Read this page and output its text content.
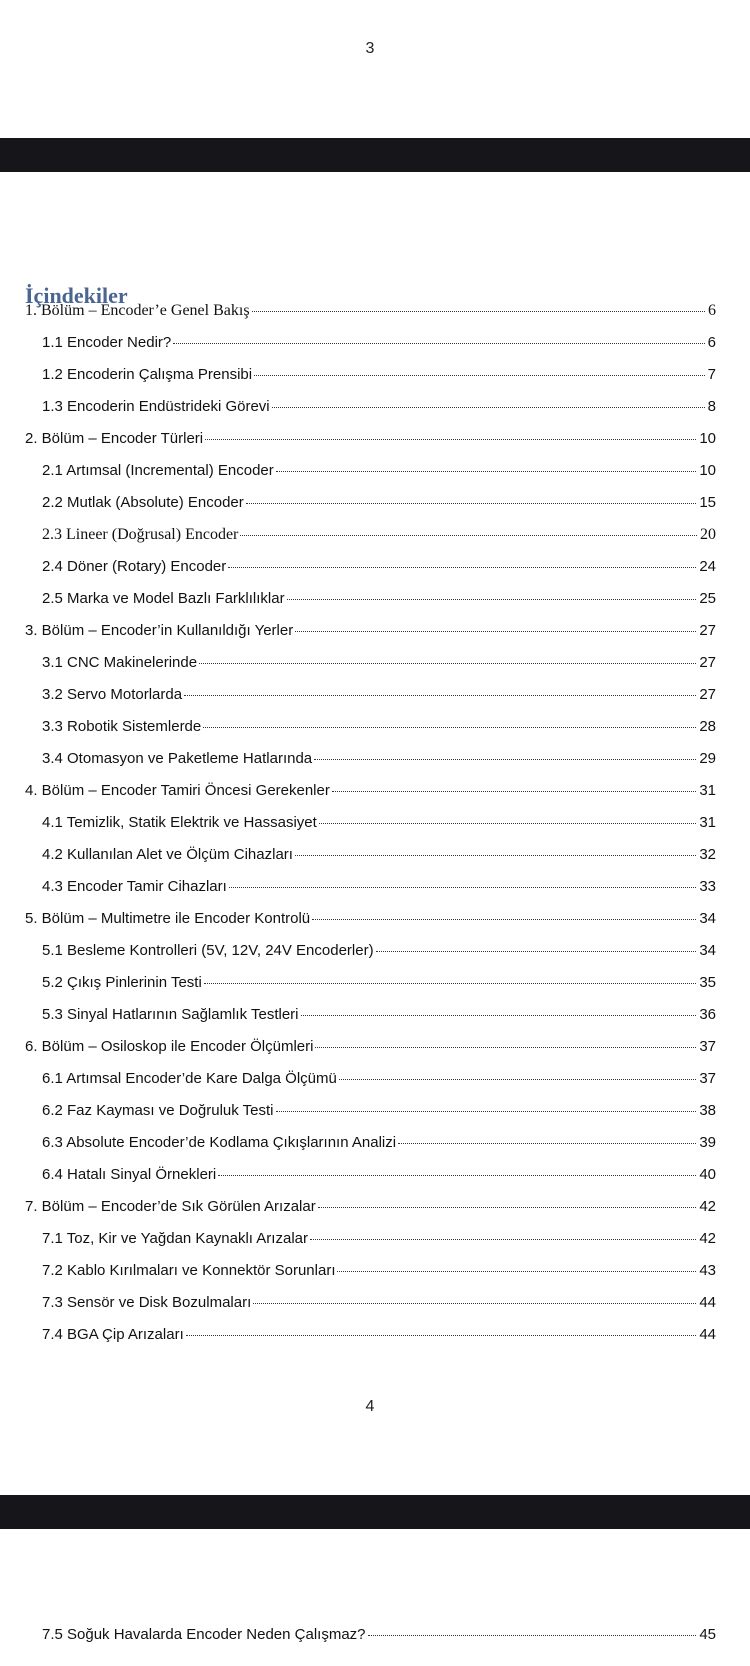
3
İçindekiler
1. Bölüm – Encoder’e Genel Bakış	6
1.1 Encoder Nedir?	6
1.2 Encoderin Çalışma Prensibi	7
1.3 Encoderin Endüstrideki Görevi	8
2. Bölüm – Encoder Türleri	10
2.1 Artımsal (Incremental) Encoder	10
2.2 Mutlak (Absolute) Encoder	15
2.3 Lineer (Doğrusal) Encoder	20
2.4 Döner (Rotary) Encoder	24
2.5 Marka ve Model Bazlı Farklılıklar	25
3. Bölüm – Encoder’in Kullanıldığı Yerler	27
3.1 CNC Makinelerinde	27
3.2 Servo Motorlarda	27
3.3 Robotik Sistemlerde	28
3.4 Otomasyon ve Paketleme Hatlarında	29
4. Bölüm – Encoder Tamiri Öncesi Gerekenler	31
4.1 Temizlik, Statik Elektrik ve Hassasiyet	31
4.2 Kullanılan Alet ve Ölçüm Cihazları	32
4.3 Encoder Tamir Cihazları	33
5. Bölüm – Multimetre ile Encoder Kontrolü	34
5.1 Besleme Kontrolleri (5V, 12V, 24V Encoderler)	34
5.2 Çıkış Pinlerinin Testi	35
5.3 Sinyal Hatlarının Sağlamlık Testleri	36
6. Bölüm – Osiloskop ile Encoder Ölçümleri	37
6.1 Artımsal Encoder’de Kare Dalga Ölçümü	37
6.2 Faz Kayması ve Doğruluk Testi	38
6.3 Absolute Encoder’de Kodlama Çıkışlarının Analizi	39
6.4 Hatalı Sinyal Örnekleri	40
7. Bölüm – Encoder’de Sık Görülen Arızalar	42
7.1 Toz, Kir ve Yağdan Kaynaklı Arızalar	42
7.2 Kablo Kırılmaları ve Konnektör Sorunları	43
7.3 Sensör ve Disk Bozulmaları	44
7.4 BGA Çip Arızaları	44
7.5 Soğuk Havalarda Encoder Neden Çalışmaz?	45
4
